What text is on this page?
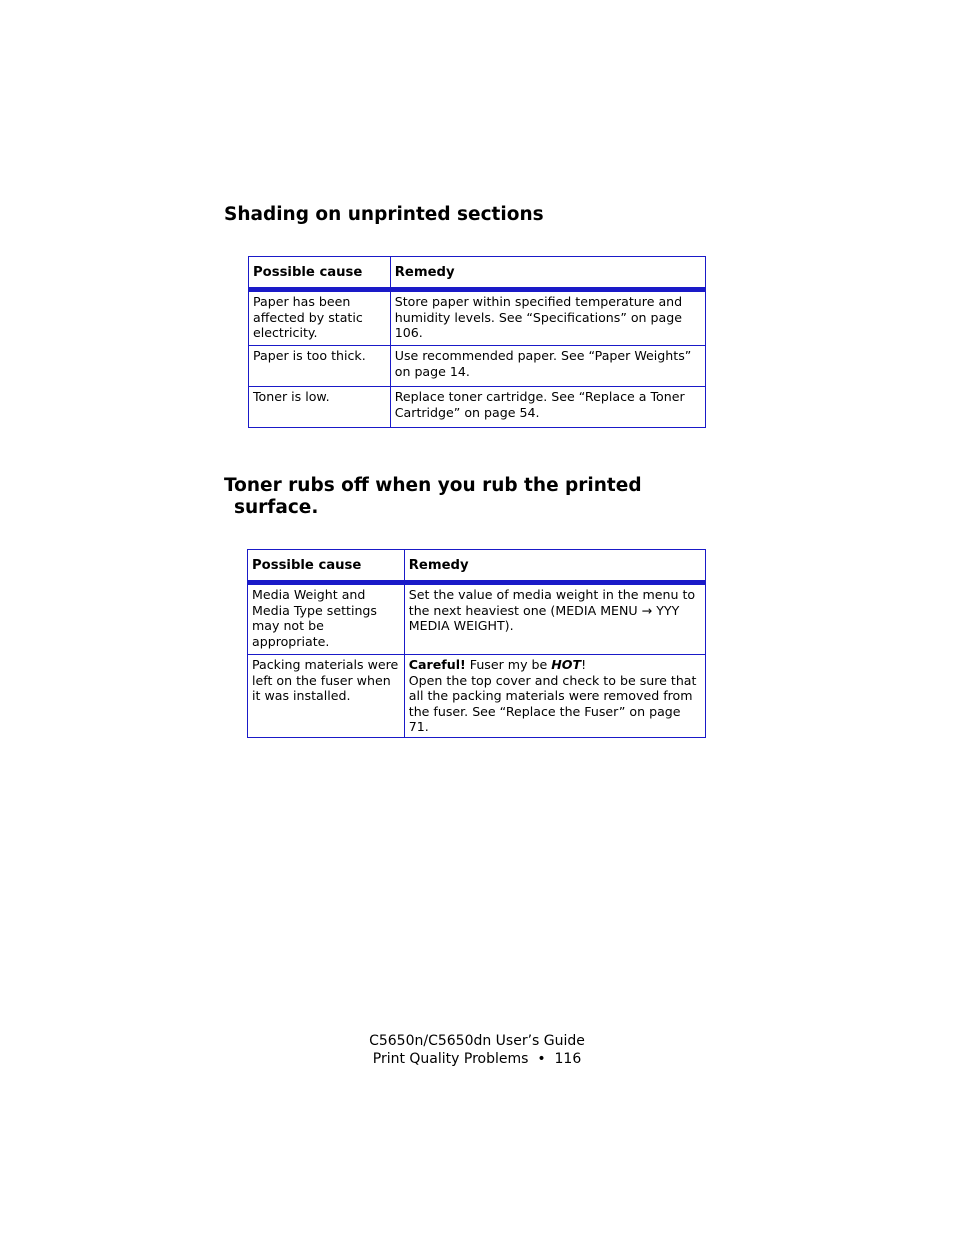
Shading on unprinted sections
Possible cause	Remedy
Paper has been affected by static electricity.	Store paper within specified temperature and humidity levels. See “Specifications” on page 106.
Paper is too thick.	Use recommended paper. See “Paper Weights” on page 14.
Toner is low.	Replace toner cartridge. See “Replace a Toner Cartridge” on page 54.
Toner rubs off when you rub the printed
surface.
Possible cause	Remedy
Media Weight and Media Type settings may not be appropriate.	Set the value of media weight in the menu to the next heaviest one (MEDIA MENU → YYY MEDIA WEIGHT).
Packing materials were left on the fuser when it was installed.	Careful! Fuser my be HOT!
Open the top cover and check to be sure that all the packing materials were removed from the fuser. See “Replace the Fuser” on page 71.
C5650n/C5650dn User’s Guide
Print Quality Problems • 116
